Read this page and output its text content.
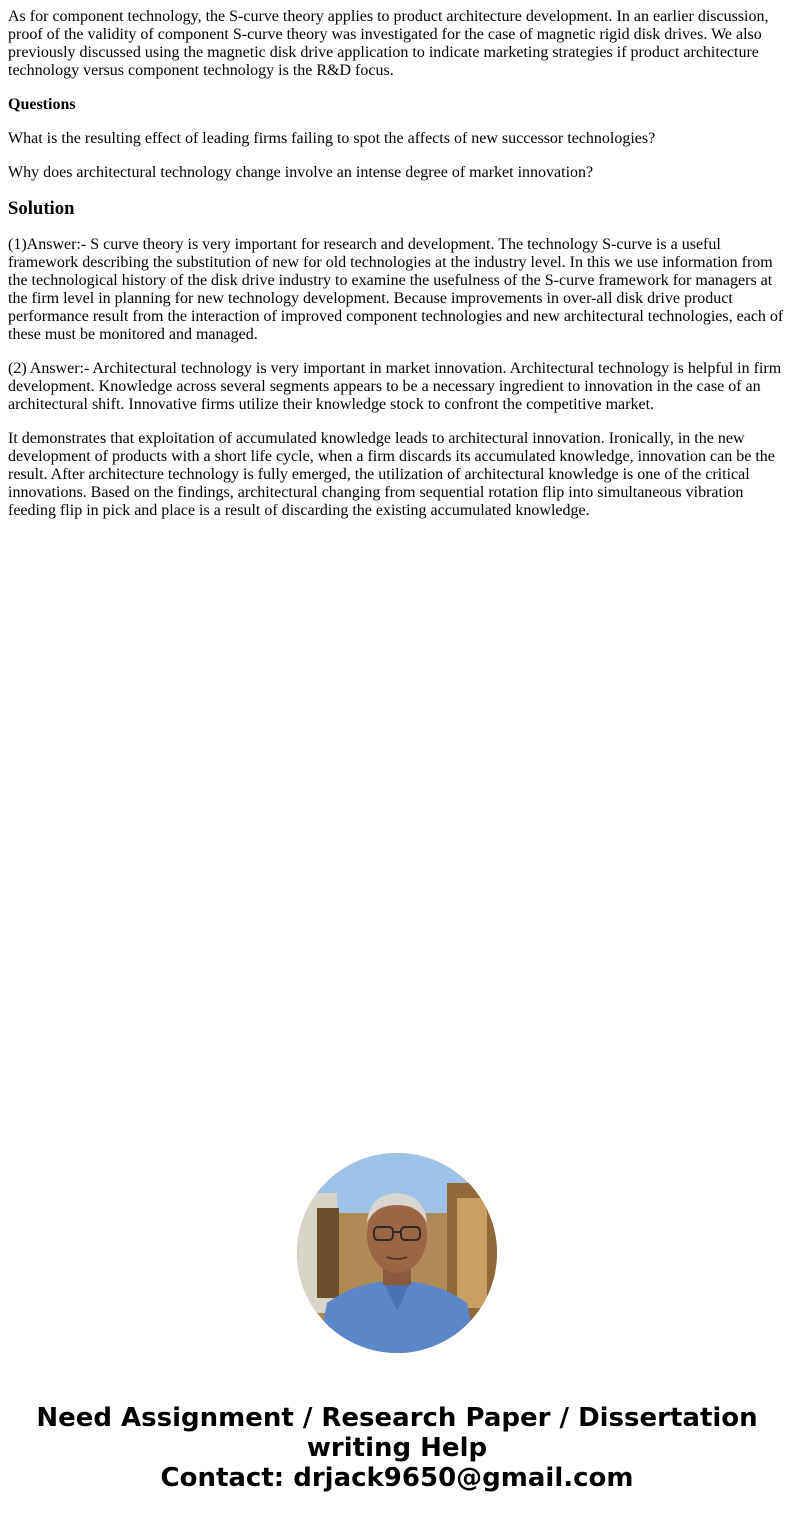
As for component technology, the S-curve theory applies to product architecture development. In an earlier discussion, proof of the validity of component S-curve theory was investigated for the case of magnetic rigid disk drives. We also previously discussed using the magnetic disk drive application to indicate marketing strategies if product architecture technology versus component technology is the R&D focus.

Questions

What is the resulting effect of leading firms failing to spot the affects of new successor technologies?

Why does architectural technology change involve an intense degree of market innovation?

Solution

(1)Answer:- S curve theory is very important for research and development. The technology S-curve is a useful framework describing the substitution of new for old technologies at the industry level. In this we use information from the technological history of the disk drive industry to examine the usefulness of the S-curve framework for managers at the firm level in planning for new technology development. Because improvements in over-all disk drive product performance result from the interaction of improved component technologies and new architectural technologies, each of these must be monitored and managed.

(2) Answer:- Architectural technology is very important in market innovation. Architectural technology is helpful in firm development. Knowledge across several segments appears to be a necessary ingredient to innovation in the case of an architectural shift. Innovative firms utilize their knowledge stock to confront the competitive market.

It demonstrates that exploitation of accumulated knowledge leads to architectural innovation. Ironically, in the new development of products with a short life cycle, when a firm discards its accumulated knowledge, innovation can be the result. After architecture technology is fully emerged, the utilization of architectural knowledge is one of the critical innovations. Based on the findings, architectural changing from sequential rotation flip into simultaneous vibration feeding flip in pick and place is a result of discarding the existing accumulated knowledge.

Need Assignment / Research Paper / Dissertation
writing Help
Contact: drjack9650@gmail.com
